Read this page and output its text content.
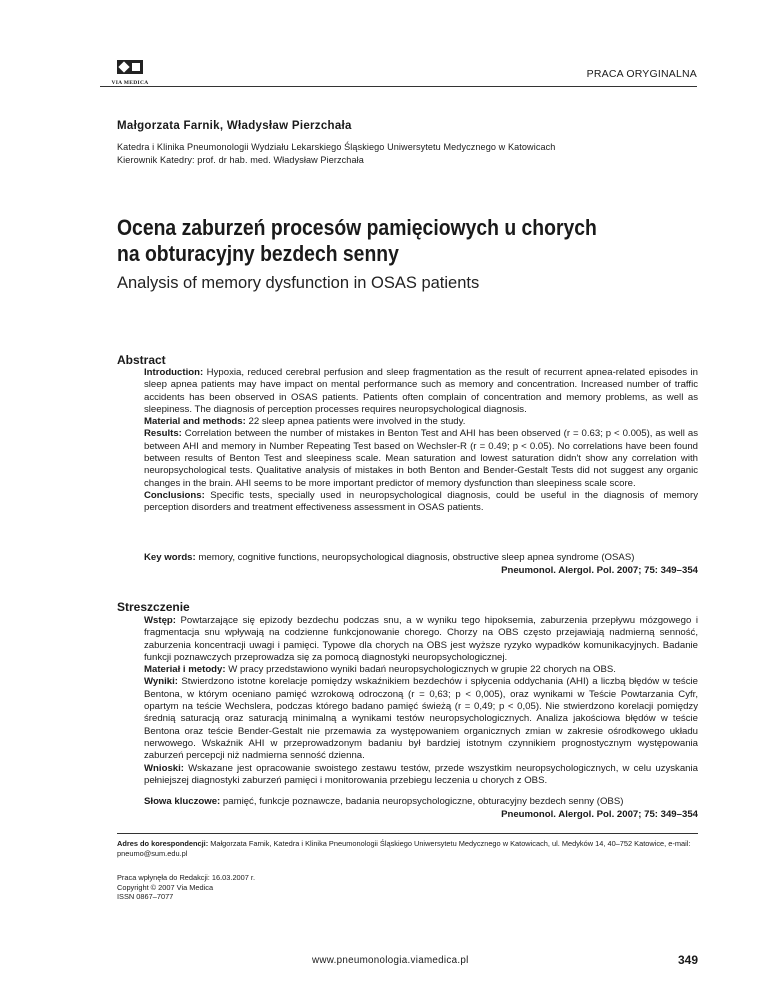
VIA MEDICA
PRACA ORYGINALNA
Małgorzata Farnik, Władysław Pierzchała
Katedra i Klinika Pneumonologii Wydziału Lekarskiego Śląskiego Uniwersytetu Medycznego w Katowicach
Kierownik Katedry: prof. dr hab. med. Władysław Pierzchała
Ocena zaburzeń procesów pamięciowych u chorych
na obturacyjny bezdech senny
Analysis of memory dysfunction in OSAS patients
Abstract

Introduction: Hypoxia, reduced cerebral perfusion and sleep fragmentation as the result of recurrent apnea-related episodes in sleep apnea patients may have impact on mental performance such as memory and concentration. Increased number of traffic accidents has been observed in OSAS patients. Patients often complain of concentration and memory problems, as well as sleepiness. The diagnosis of perception processes requires neuropsychological diagnosis.

Material and methods: 22 sleep apnea patients were involved in the study.

Results: Correlation between the number of mistakes in Benton Test and AHI has been observed (r = 0.63; p < 0.005), as well as between AHI and memory in Number Repeating Test based on Wechsler-R (r = 0.49; p < 0.05). No correlations have been found between results of Benton Test and sleepiness scale. Mean saturation and lowest saturation didn't show any correlation with neuropsychological tests. Qualitative analysis of mistakes in both Benton and Bender-Gestalt Tests did not suggest any organic changes in the brain. AHI seems to be more important predictor of memory dysfunction than sleepiness scale score.

Conclusions: Specific tests, specially used in neuropsychological diagnosis, could be useful in the diagnosis of memory perception disorders and treatment effectiveness assessment in OSAS patients.

Key words: memory, cognitive functions, neuropsychological diagnosis, obstructive sleep apnea syndrome (OSAS)
Pneumonol. Alergol. Pol. 2007; 75: 349–354
Streszczenie

Wstęp: Powtarzające się epizody bezdechu podczas snu, a w wyniku tego hipoksemia, zaburzenia przepływu mózgowego i fragmentacja snu wpływają na codzienne funkcjonowanie chorego. Chorzy na OBS często przejawiają nadmierną senność, zaburzenia koncentracji uwagi i pamięci. Typowe dla chorych na OBS jest wyższe ryzyko wypadków komunikacyjnych. Badanie funkcji poznawczych przeprowadza się za pomocą diagnostyki neuropsychologicznej.

Materiał i metody: W pracy przedstawiono wyniki badań neuropsychologicznych w grupie 22 chorych na OBS.

Wyniki: Stwierdzono istotne korelacje pomiędzy wskaźnikiem bezdechów i spłycenia oddychania (AHI) a liczbą błędów w teście Bentona, w którym oceniano pamięć wzrokową odroczoną (r = 0,63; p < 0,005), oraz wynikami w Teście Powtarzania Cyfr, opartym na teście Wechslera, podczas którego badano pamięć świeżą (r = 0,49; p < 0,05). Nie stwierdzono korelacji pomiędzy średnią saturacją oraz saturacją minimalną a wynikami testów neuropsychologicznych. Analiza jakościowa błędów w teście Bentona oraz teście Bender-Gestalt nie przemawia za występowaniem organicznych zmian w zakresie ośrodkowego układu nerwowego. Wskaźnik AHI w przeprowadzonym badaniu był bardziej istotnym czynnikiem prognostycznym występowania zaburzeń percepcji niż nadmierna senność dzienna.

Wnioski: Wskazane jest opracowanie swoistego zestawu testów, przede wszystkim neuropsychologicznych, w celu uzyskania pełniejszej diagnostyki zaburzeń pamięci i monitorowania przebiegu leczenia u chorych z OBS.

Słowa kluczowe: pamięć, funkcje poznawcze, badania neuropsychologiczne, obturacyjny bezdech senny (OBS)
Pneumonol. Alergol. Pol. 2007; 75: 349–354
Adres do korespondencji: Małgorzata Farnik, Katedra i Klinika Pneumonologii Śląskiego Uniwersytetu Medycznego w Katowicach, ul. Medyków 14, 40–752 Katowice, e-mail: pneumo@sum.edu.pl
Praca wpłynęła do Redakcji: 16.03.2007 r.
Copyright © 2007 Via Medica
ISSN 0867–7077
www.pneumonologia.viamedica.pl	349
